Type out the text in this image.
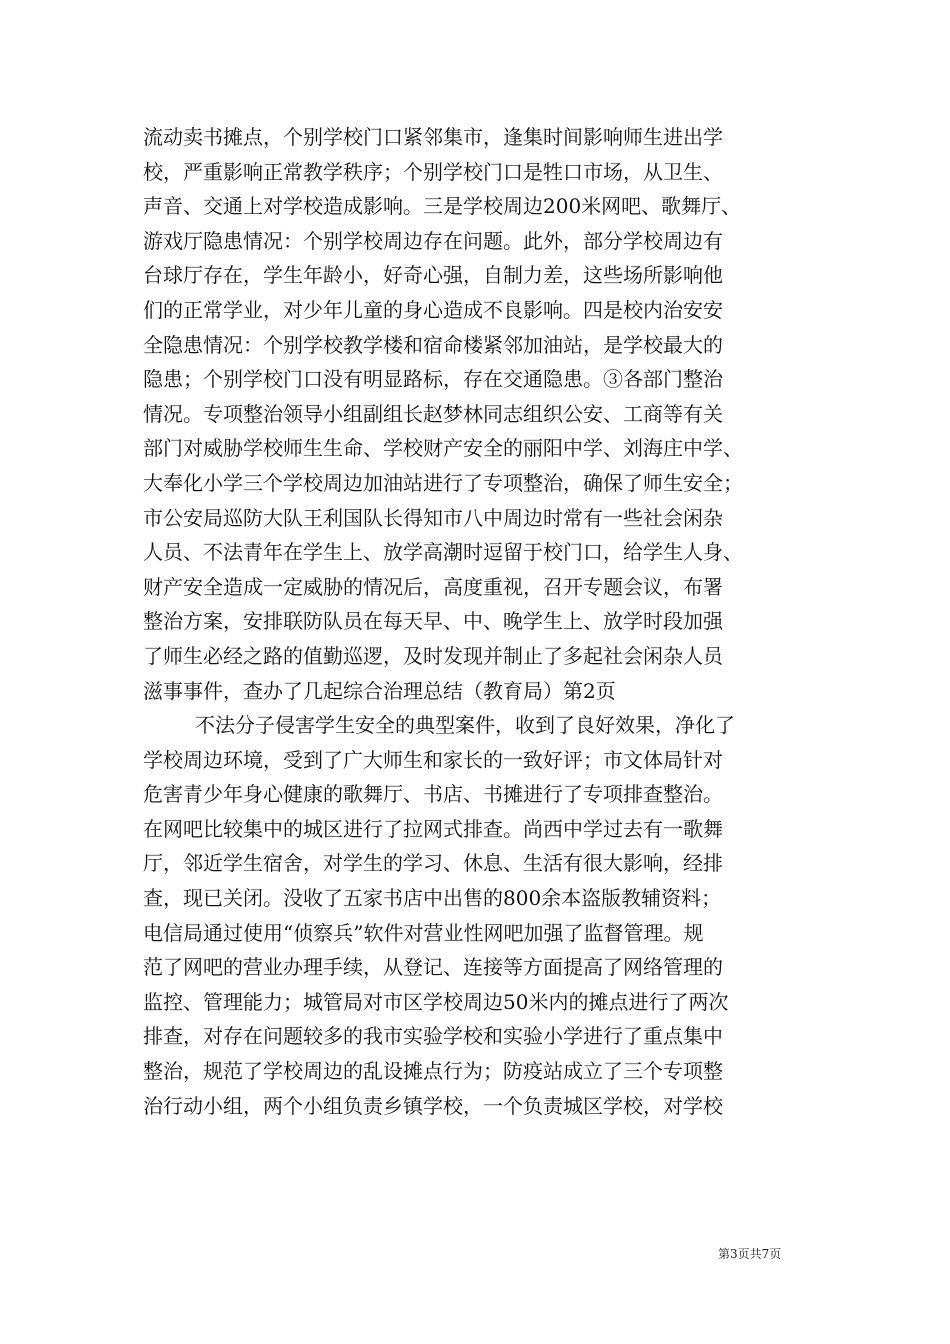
流动卖书摊点，个别学校门口紧邻集市，逢集时间影响师生进出学
校，严重影响正常教学秩序；个别学校门口是牲口市场，从卫生、
声音、交通上对学校造成影响。三是学校周边200米网吧、歌舞厅、
游戏厅隐患情况：个别学校周边存在问题。此外，部分学校周边有
台球厅存在，学生年龄小，好奇心强，自制力差，这些场所影响他
们的正常学业，对少年儿童的身心造成不良影响。四是校内治安安
全隐患情况：个别学校教学楼和宿命楼紧邻加油站，是学校最大的
隐患；个别学校门口没有明显路标，存在交通隐患。③各部门整治
情况。专项整治领导小组副组长赵梦林同志组织公安、工商等有关
部门对威胁学校师生生命、学校财产安全的丽阳中学、刘海庄中学、
大奉化小学三个学校周边加油站进行了专项整治，确保了师生安全；
市公安局巡防大队王利国队长得知市八中周边时常有一些社会闲杂
人员、不法青年在学生上、放学高潮时逗留于校门口，给学生人身、
财产安全造成一定威胁的情况后，高度重视，召开专题会议，布署
整治方案，安排联防队员在每天早、中、晚学生上、放学时段加强
了师生必经之路的值勤巡逻，及时发现并制止了多起社会闲杂人员
滋事事件，查办了几起综合治理总结（教育局）第2页
不法分子侵害学生安全的典型案件，收到了良好效果，净化了
学校周边环境，受到了广大师生和家长的一致好评；市文体局针对
危害青少年身心健康的歌舞厅、书店、书摊进行了专项排查整治。
在网吧比较集中的城区进行了拉网式排查。尚西中学过去有一歌舞
厅，邻近学生宿舍，对学生的学习、休息、生活有很大影响，经排
查，现已关闭。没收了五家书店中出售的800余本盗版教辅资料；
电信局通过使用“侦察兵”软件对营业性网吧加强了监督管理。规
范了网吧的营业办理手续，从登记、连接等方面提高了网络管理的
监控、管理能力；城管局对市区学校周边50米内的摊点进行了两次
排查，对存在问题较多的我市实验学校和实验小学进行了重点集中
整治，规范了学校周边的乱设摊点行为；防疫站成立了三个专项整
治行动小组，两个小组负责乡镇学校，一个负责城区学校，对学校
第3页共7页
